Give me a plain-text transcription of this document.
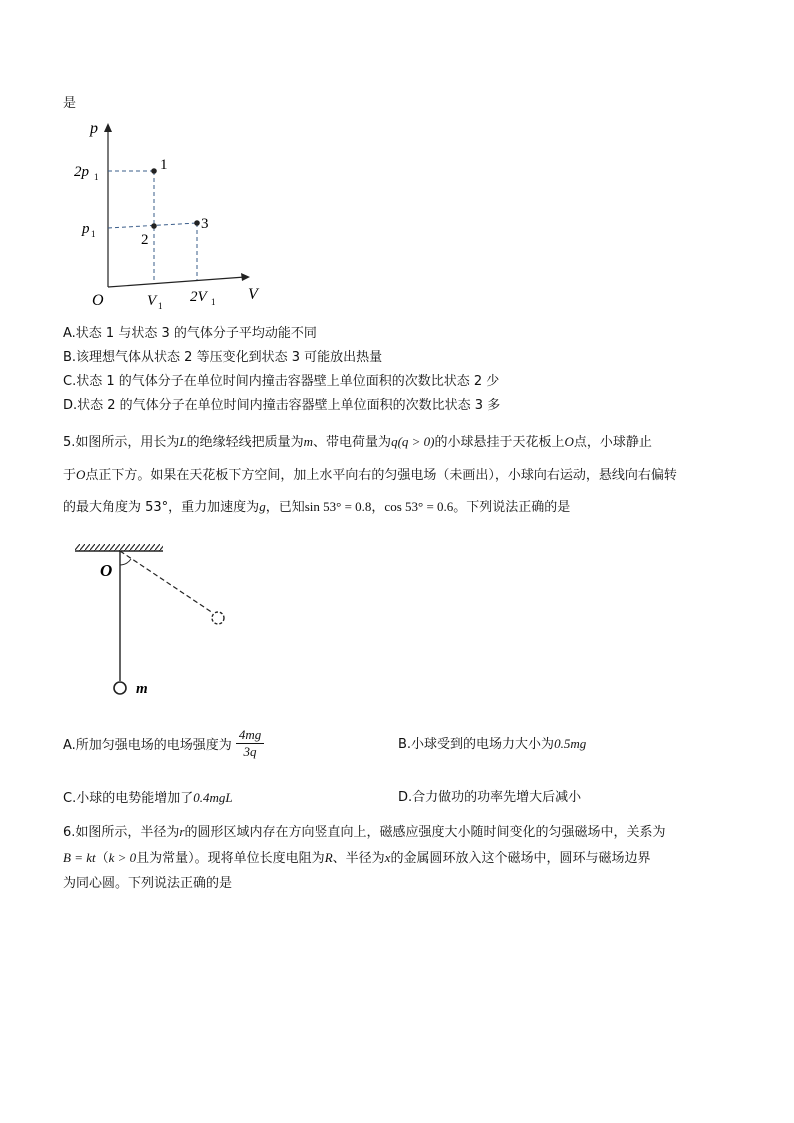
是
p
V
O
2p 1
p 1
V 1
2V 1
1
2
3
A.状态 1 与状态 3 的气体分子平均动能不同
B.该理想气体从状态 2 等压变化到状态 3 可能放出热量
C.状态 1 的气体分子在单位时间内撞击容器壁上单位面积的次数比状态 2 少
D.状态 2 的气体分子在单位时间内撞击容器壁上单位面积的次数比状态 3 多
5.如图所示，用长为L的绝缘轻线把质量为m、带电荷量为q(q > 0)的小球悬挂于天花板上O点，小球静止
于O点正下方。如果在天花板下方空间，加上水平向右的匀强电场（未画出），小球向右运动，悬线向右偏转
的最大角度为 53°，重力加速度为g，已知sin 53° = 0.8，cos 53° = 0.6。下列说法正确的是
O
m
A.所加匀强电场的电场强度为 $\frac{4mg}{3q}$	B.小球受到的电场力大小为0.5mg
C.小球的电势能增加了0.4mgL	D.合力做功的功率先增大后减小
6.如图所示，半径为r的圆形区域内存在方向竖直向上，磁感应强度大小随时间变化的匀强磁场中，关系为
B = kt（k > 0且为常量）。现将单位长度电阻为R、半径为x的金属圆环放入这个磁场中，圆环与磁场边界
为同心圆。下列说法正确的是
